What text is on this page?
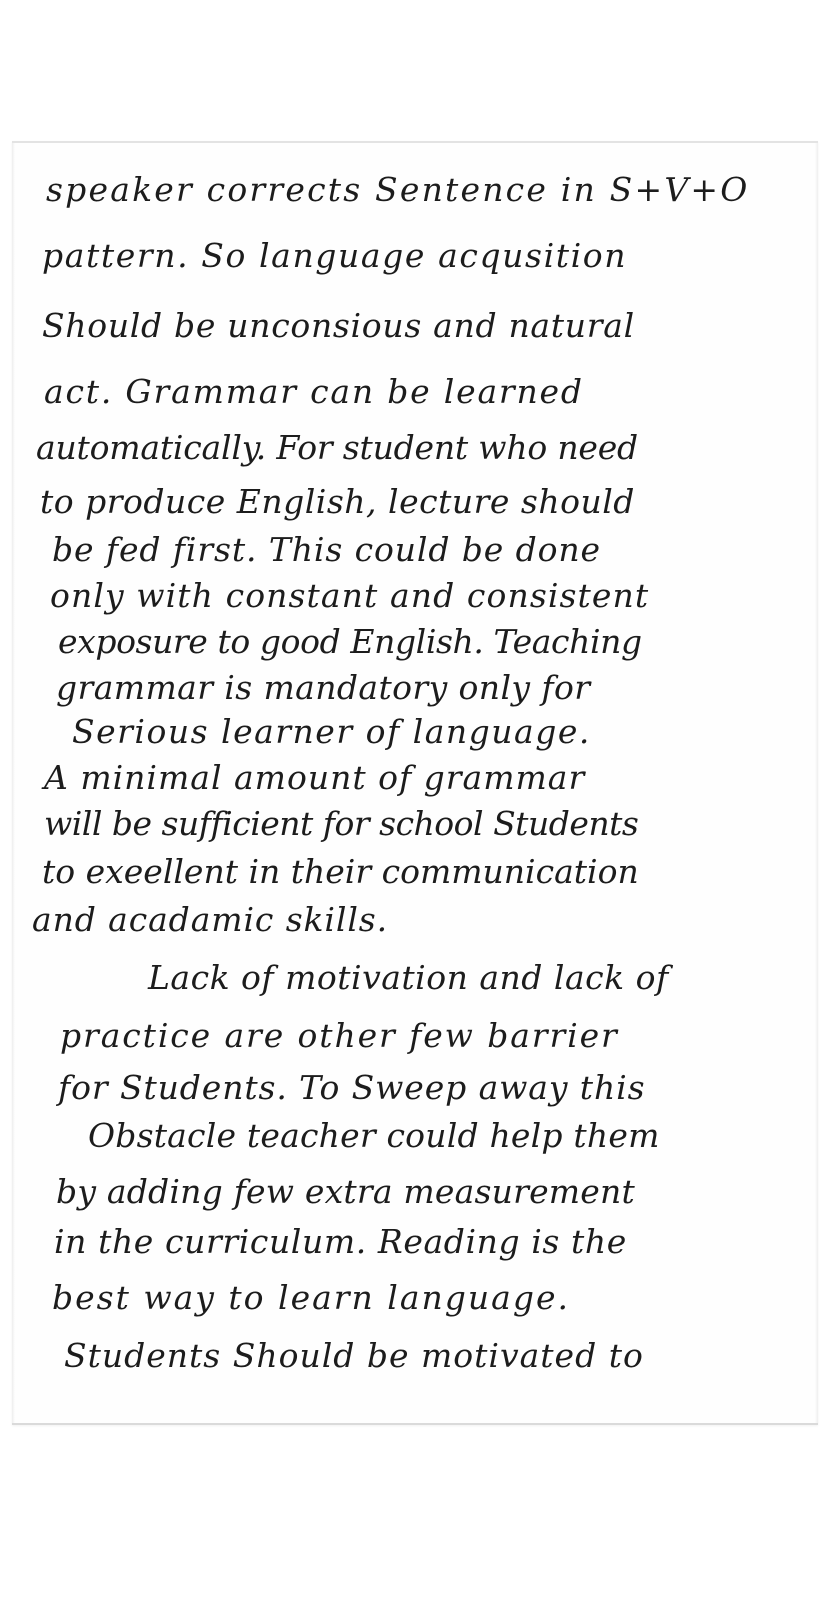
speaker corrects Sentence in S+V+O

pattern. So language acqusition

Should be unconsious and natural

act. Grammar can be learned

automatically. For student who need

to produce English, lecture should

be fed first. This could be done

only with constant and consistent

exposure to good English. Teaching

grammar is mandatory only for

Serious learner of language.

A minimal amount of grammar

will be sufficient for school Students

to exeellent in their communication

and acadamic skills.

Lack of motivation and lack of

practice are other few barrier

for Students. To Sweep away this

Obstacle teacher could help them

by adding few extra measurement

in the curriculum. Reading is the

best way to learn language.

Students Should be motivated to
